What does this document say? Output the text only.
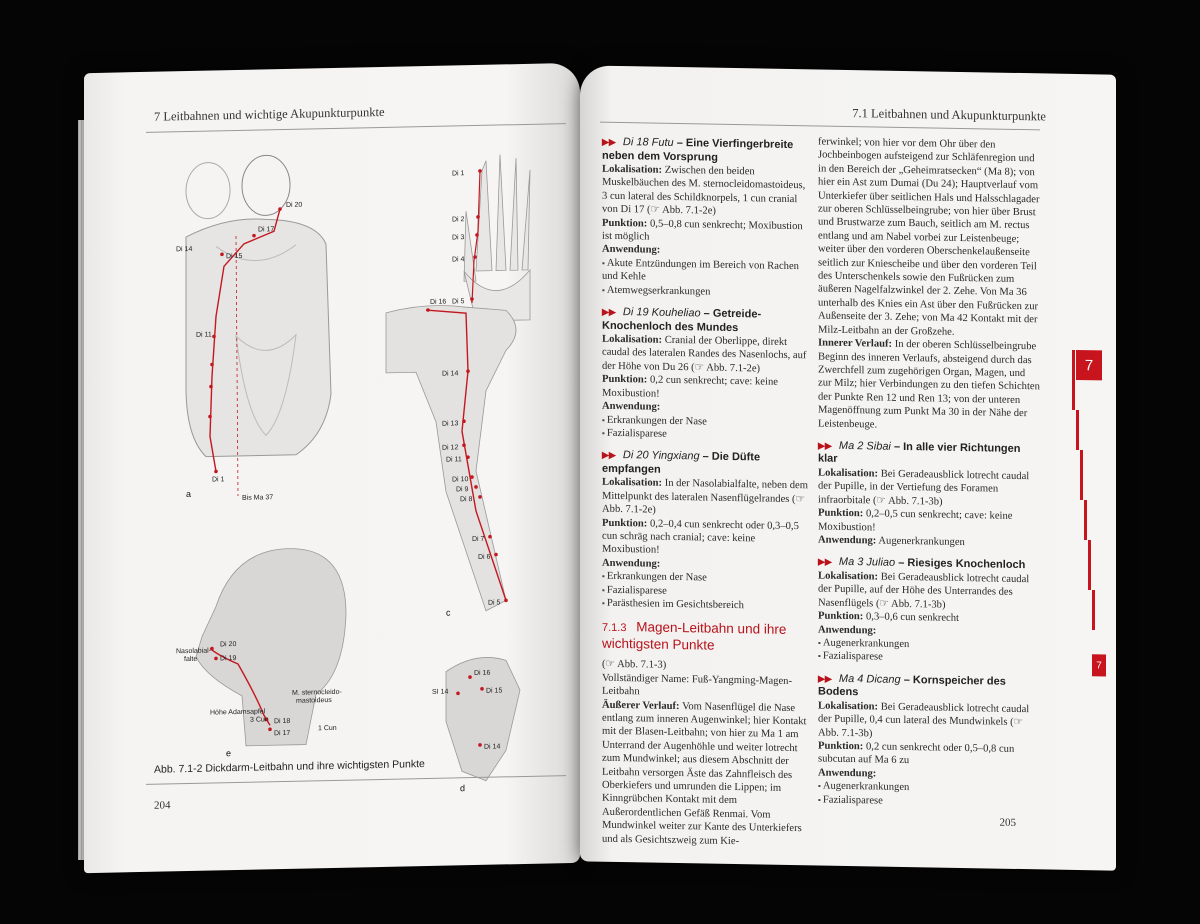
7 Leitbahnen und wichtige Akupunkturpunkte
Di 20
Di 17
Di 14
Di 15
Di 11
Di 1
Bis Ma 37
a
Di 1
Di 2
Di 3
Di 4
Di 5
Di 16
Di 14
Di 13
Di 12
Di 11
Di 10
Di 9
Di 8
Di 7
Di 6
Di 5
c
Di 20
Di 19
Nasolabial-
falte
M. sternocleido-
mastoideus
Höhe Adamsapfel
Di 18
Di 17
1 Cun
3 Cun
e
Di 16
SI 14	Di 15
Di 14
d
Abb. 7.1-2 Dickdarm-Leitbahn und ihre wichtigsten Punkte
204
7.1 Leitbahnen und Akupunkturpunkte
▶▶ Di 18 Futu – Eine Vierfingerbreite neben dem Vorsprung
Lokalisation: Zwischen den beiden Muskelbäuchen des M. sternocleidomastoideus, 3 cun lateral des Schildknorpels, 1 cun cranial von Di 17 (☞ Abb. 7.1-2e)
Punktion: 0,5–0,8 cun senkrecht; Moxibustion ist möglich
Anwendung:
▪ Akute Entzündungen im Bereich von Rachen und Kehle
▪ Atemwegserkrankungen
▶▶ Di 19 Kouheliao – Getreide-Knochenloch des Mundes
Lokalisation: Cranial der Oberlippe, direkt caudal des lateralen Randes des Nasenlochs, auf der Höhe von Du 26 (☞ Abb. 7.1-2e)
Punktion: 0,2 cun senkrecht; cave: keine Moxibustion!
Anwendung:
▪ Erkrankungen der Nase
▪ Fazialisparese
▶▶ Di 20 Yingxiang – Die Düfte empfangen
Lokalisation: In der Nasolabialfalte, neben dem Mittelpunkt des lateralen Nasenflügelrandes (☞ Abb. 7.1-2e)
Punktion: 0,2–0,4 cun senkrecht oder 0,3–0,5 cun schräg nach cranial; cave: keine Moxibustion!
Anwendung:
▪ Erkrankungen der Nase
▪ Fazialisparese
▪ Parästhesien im Gesichtsbereich
7.1.3 Magen-Leitbahn und ihre wichtigsten Punkte
(☞ Abb. 7.1-3)
Vollständiger Name: Fuß-Yangming-Magen-Leitbahn
Äußerer Verlauf: Vom Nasenflügel die Nase entlang zum inneren Augenwinkel; hier Kontakt mit der Blasen-Leitbahn; von hier zu Ma 1 am Unterrand der Augenhöhle und weiter lotrecht zum Mundwinkel; aus diesem Abschnitt der Leitbahn versorgen Äste das Zahnfleisch des Oberkiefers und umrunden die Lippen; im Kinngrübchen Kontakt mit dem Außerordentlichen Gefäß Renmai. Vom Mundwinkel weiter zur Kante des Unterkiefers und als Gesichtszweig zum Kie-
ferwinkel; von hier vor dem Ohr über den Jochbeinbogen aufsteigend zur Schläfenregion und in den Bereich der „Geheimratsecken“ (Ma 8); von hier ein Ast zum Dumai (Du 24); Hauptverlauf vom Unterkiefer über seitlichen Hals und Halsschlagader zur oberen Schlüsselbeingrube; von hier über Brust und Brustwarze zum Bauch, seitlich am M. rectus entlang und am Nabel vorbei zur Leistenbeuge; weiter über den vorderen Oberschenkelaußenseite seitlich zur Kniescheibe und über den vorderen Teil des Unterschenkels sowie den Fußrücken zum äußeren Nagelfalzwinkel der 2. Zehe. Von Ma 36 unterhalb des Knies ein Ast über den Fußrücken zur Außenseite der 3. Zehe; von Ma 42 Kontakt mit der Milz-Leitbahn an der Großzehe.
Innerer Verlauf: In der oberen Schlüsselbeingrube Beginn des inneren Verlaufs, absteigend durch das Zwerchfell zum zugehörigen Organ, Magen, und zur Milz; hier Verbindungen zu den tiefen Schichten der Punkte Ren 12 und Ren 13; von der unteren Magenöffnung zum Punkt Ma 30 in der Nähe der Leistenbeuge.
▶▶ Ma 2 Sibai – In alle vier Richtungen klar
Lokalisation: Bei Geradeausblick lotrecht caudal der Pupille, in der Vertiefung des Foramen infraorbitale (☞ Abb. 7.1-3b)
Punktion: 0,2–0,5 cun senkrecht; cave: keine Moxibustion!
Anwendung: Augenerkrankungen
▶▶ Ma 3 Juliao – Riesiges Knochenloch
Lokalisation: Bei Geradeausblick lotrecht caudal der Pupille, auf der Höhe des Unterrandes des Nasenflügels (☞ Abb. 7.1-3b)
Punktion: 0,3–0,6 cun senkrecht
Anwendung:
▪ Augenerkrankungen
▪ Fazialisparese
▶▶ Ma 4 Dicang – Kornspeicher des Bodens
Lokalisation: Bei Geradeausblick lotrecht caudal der Pupille, 0,4 cun lateral des Mundwinkels (☞ Abb. 7.1-3b)
Punktion: 0,2 cun senkrecht oder 0,5–0,8 cun subcutan auf Ma 6 zu
Anwendung:
▪ Augenerkrankungen
▪ Fazialisparese
7
7
205
